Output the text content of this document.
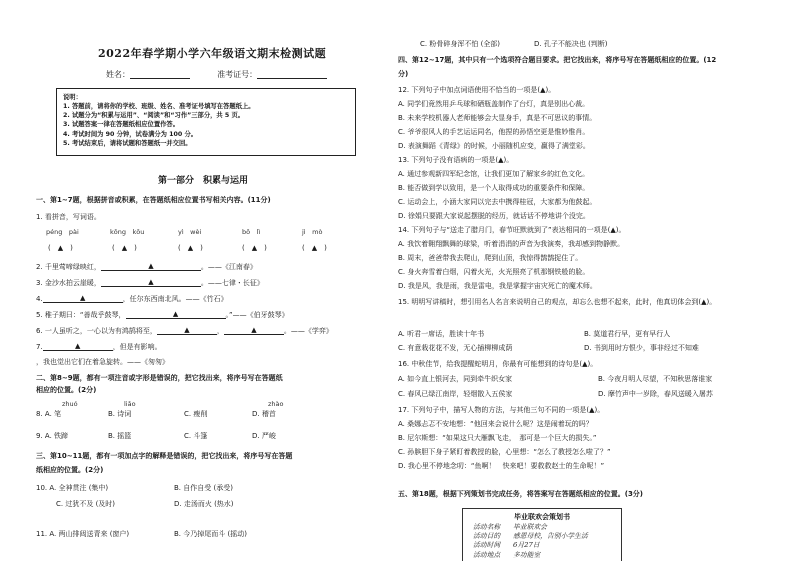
2022年春学期小学六年级语文期末检测试题
姓名：	准考证号：
说明：
1. 答题前，请将你的学校、班级、姓名、准考证号填写在答题纸上。
2. 试题分为“积累与运用”、“阅读”和“习作”三部分，共 5 页。
3. 试题答案一律在答题纸相应位置作答。
4. 考试时间为 90 分钟，试卷满分为 100 分。
5. 考试结束后，请将试题和答题纸一并交回。
第一部分　积累与运用
一、第1~7题，根据拼音或积累，在答题纸相应位置书写相关内容。(11分)
1. 看拼音，写词语。
péng　pài	kōng　kōu	yì　wèi	bō　lì	jì　mò
(　▲　)	(　▲　)	(　▲　)	(　▲　)	(　▲　)
2. 千里莺啼绿映红，	▲	。——《江南春》
3. 金沙水拍云崖暖，	▲	。——七律・长征》
4.	▲	，任尔东西南北风。——《竹石》
5. 稚子期曰：“善哉乎鼓琴，	▲	。”——《伯牙鼓琴》
6. 一人虽听之，一心以为有鸿鹄将至，	▲	，	▲	。——《学弈》
7.	▲	，但是有影响。
，我也觉出它们在着急旋转。——《匆匆》
二、第8~9题，都有一项注音或字形是错误的，把它找出来，将序号写在答题纸
相应的位置。(2分)
zhuó	liǎo	zhào
8. A. 笔	B. 诗词	C. 瘦削	D. 稽首
9. A. 铁蹄	B. 摇篮	C. 斗篷	D. 严峻
三、第10~11题，都有一项加点字的解释是错误的，把它找出来，将序号写在答题
纸相应的位置。(2分)
10. A. 全神贯注 (集中)	B. 自作自受 (承受)
C. 过犹不及 (及时)	D. 走汤而火 (热水)
11. A. 两山排闼送青来 (窗户)	B. 今乃掉尾而斗 (摇动)
C. 粉骨碎身浑不怕 (全部)	D. 孔子不能决也 (判断)
四、第12~17题，其中只有一个选项符合题目要求。把它找出来，将序号写在答题纸相应的位置。(12
分)
12. 下列句子中加点词语使用不恰当的一项是(▲)。
A. 同学们竟然用乒乓球和硒瓶盖制作了台灯，真是别出心裁。
B. 未来学校机器人老师能够会大显身手，真是不可思议的事情。
C. 爷爷很风人的手艺运运同名，他捏的孙悟空更是惟妙惟肖。
D. 表演舞蹈《青绿》的时候，小丽随机应变，赢得了满堂彩。
13. 下列句子没有语病的一项是(▲)。
A. 通过参观新四军纪念馆，让我们更加了解家乡的红色文化。
B. 能否做到学以致用，是一个人取得成功的重要条件和保障。
C. 运动会上，小涵大家同以完去中携得桂冠，大家都为他鼓起。
D. 徐娟只要跟大家说起摆脱的经历，就话话不停地讲个没完。
14. 下列句子与“送走了腊月门，春节旺默就到了”表达相同的一项是(▲)。
A. 我饮着翱翔飘舞的球梁，听着涓涓的声音为我演奏，我却感到物静默。
B. 周末，爸爸带我去爬山，爬到山顶，我惊得鹊鹊捉住了。
C. 身火奔雪着白烟，闪着火光，火光照亮了机那钢铁般的脸。
D. 我是风，我是雨，我是雷电，我是掌握宇宙灾死亡的魔术师。
15. 明明写讲稿时，想引用名人名言来说明自己的观点，却忘么也想不起来，此时，他真切体会到(▲)。
A. 听君一席话，胜读十年书	B. 莫道君行早，更有早行人
C. 有意栽花花不发，无心插柳柳成荫	D. 书到用时方恨少，事非经过不知难
16. 中秋佳节，给我提醒蛇明月，你最有可能想到的诗句是(▲)。
A. 如今直上银河去，同到牵牛织女家	B. 今夜月明人尽望，不知秋思落谁家
C. 春风已绿江南岸，轻烟散入五侯家	D. 摩竹声中一岁除，春风送暖入屠苏
17. 下列句子中，描写人物的方法，与其他三句不同的一项是(▲)。
A. 桑娜忐忑不安地想：“他回来会说什么呢？这是闹着玩的吗？
B. 尼尔斯想：“如果这只大雁飘飞走，　那可是一个巨大的损失。”
C. 孙膑胆下身子紧盯着教授的脸，心里想：“怎么了教授怎么啦了？”
D. 我心里不停地念叨：“鱼啊！　快来吧！要救救赵士的生命呢！”
五、第18题，根据下列策划书完成任务，将答案写在答题纸相应的位置。(3分)
毕业联欢会策划书
活动名称 毕业联欢会
活动目的 感恩母校，告别小学生活
活动时间 6月27日
活动地点 多功能室
